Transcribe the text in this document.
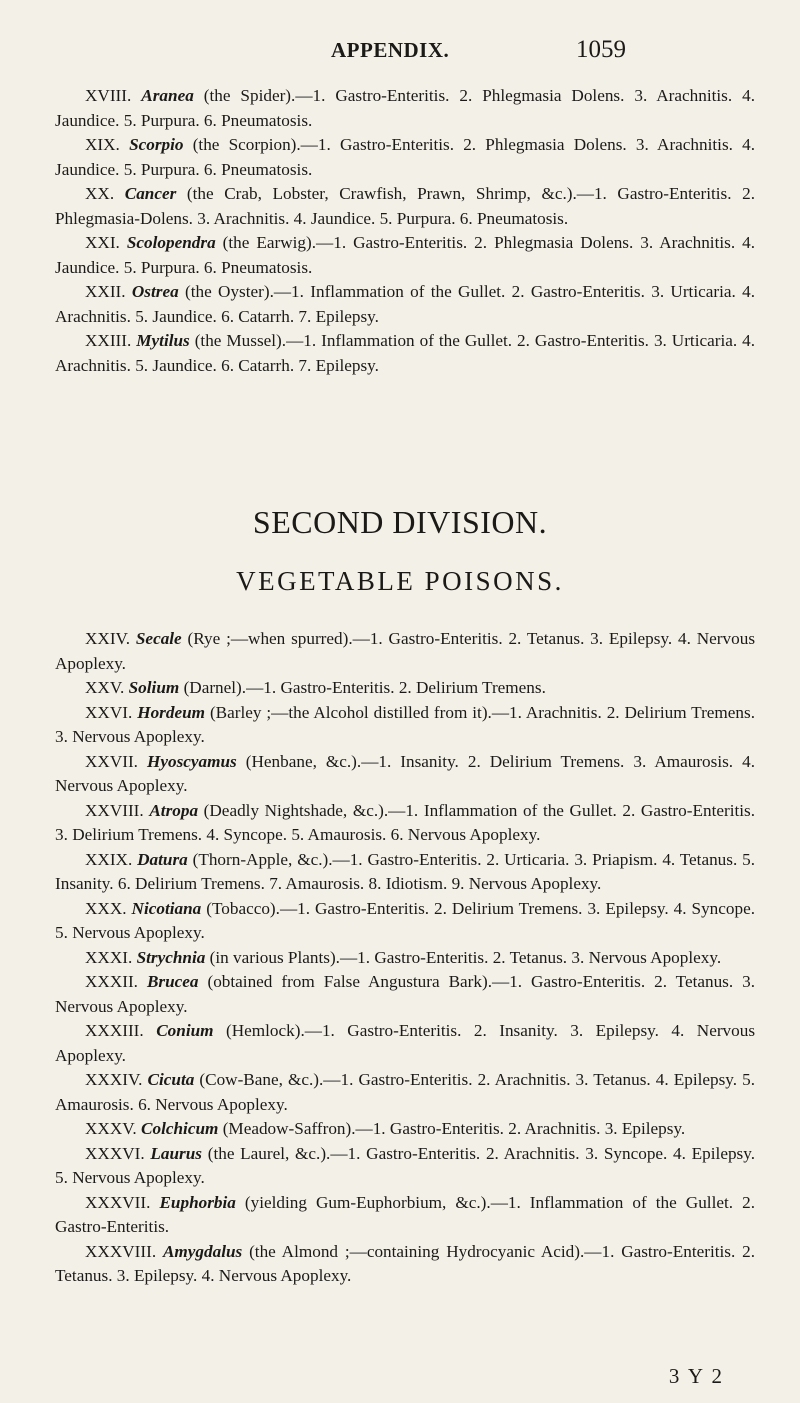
APPENDIX.	1059

XVIII. Aranea (the Spider).—1. Gastro-Enteritis. 2. Phlegmasia Dolens. 3. Arachnitis. 4. Jaundice. 5. Purpura. 6. Pneumatosis.

XIX. Scorpio (the Scorpion).—1. Gastro-Enteritis. 2. Phlegmasia Dolens. 3. Arachnitis. 4. Jaundice. 5. Purpura. 6. Pneumatosis.

XX. Cancer (the Crab, Lobster, Crawfish, Prawn, Shrimp, &c.).—1. Gastro-Enteritis. 2. Phlegmasia-Dolens. 3. Arachnitis. 4. Jaundice. 5. Purpura. 6. Pneumatosis.

XXI. Scolopendra (the Earwig).—1. Gastro-Enteritis. 2. Phlegmasia Dolens. 3. Arachnitis. 4. Jaundice. 5. Purpura. 6. Pneumatosis.

XXII. Ostrea (the Oyster).—1. Inflammation of the Gullet. 2. Gastro-Enteritis. 3. Urticaria. 4. Arachnitis. 5. Jaundice. 6. Catarrh. 7. Epilepsy.

XXIII. Mytilus (the Mussel).—1. Inflammation of the Gullet. 2. Gastro-Enteritis. 3. Urticaria. 4. Arachnitis. 5. Jaundice. 6. Catarrh. 7. Epilepsy.

SECOND DIVISION.
VEGETABLE POISONS.

XXIV. Secale (Rye ;—when spurred).—1. Gastro-Enteritis. 2. Tetanus. 3. Epilepsy. 4. Nervous Apoplexy.

XXV. Solium (Darnel).—1. Gastro-Enteritis. 2. Delirium Tremens.

XXVI. Hordeum (Barley ;—the Alcohol distilled from it).—1. Arachnitis. 2. Delirium Tremens. 3. Nervous Apoplexy.

XXVII. Hyoscyamus (Henbane, &c.).—1. Insanity. 2. Delirium Tremens. 3. Amaurosis. 4. Nervous Apoplexy.

XXVIII. Atropa (Deadly Nightshade, &c.).—1. Inflammation of the Gullet. 2. Gastro-Enteritis. 3. Delirium Tremens. 4. Syncope. 5. Amaurosis. 6. Nervous Apoplexy.

XXIX. Datura (Thorn-Apple, &c.).—1. Gastro-Enteritis. 2. Urticaria. 3. Priapism. 4. Tetanus. 5. Insanity. 6. Delirium Tremens. 7. Amaurosis. 8. Idiotism. 9. Nervous Apoplexy.

XXX. Nicotiana (Tobacco).—1. Gastro-Enteritis. 2. Delirium Tremens. 3. Epilepsy. 4. Syncope. 5. Nervous Apoplexy.

XXXI. Strychnia (in various Plants).—1. Gastro-Enteritis. 2. Tetanus. 3. Nervous Apoplexy.

XXXII. Brucea (obtained from False Angustura Bark).—1. Gastro-Enteritis. 2. Tetanus. 3. Nervous Apoplexy.

XXXIII. Conium (Hemlock).—1. Gastro-Enteritis. 2. Insanity. 3. Epilepsy. 4. Nervous Apoplexy.

XXXIV. Cicuta (Cow-Bane, &c.).—1. Gastro-Enteritis. 2. Arachnitis. 3. Tetanus. 4. Epilepsy. 5. Amaurosis. 6. Nervous Apoplexy.

XXXV. Colchicum (Meadow-Saffron).—1. Gastro-Enteritis. 2. Arachnitis. 3. Epilepsy.

XXXVI. Laurus (the Laurel, &c.).—1. Gastro-Enteritis. 2. Arachnitis. 3. Syncope. 4. Epilepsy. 5. Nervous Apoplexy.

XXXVII. Euphorbia (yielding Gum-Euphorbium, &c.).—1. Inflammation of the Gullet. 2. Gastro-Enteritis.

XXXVIII. Amygdalus (the Almond ;—containing Hydrocyanic Acid).—1. Gastro-Enteritis. 2. Tetanus. 3. Epilepsy. 4. Nervous Apoplexy.

3 Y 2
